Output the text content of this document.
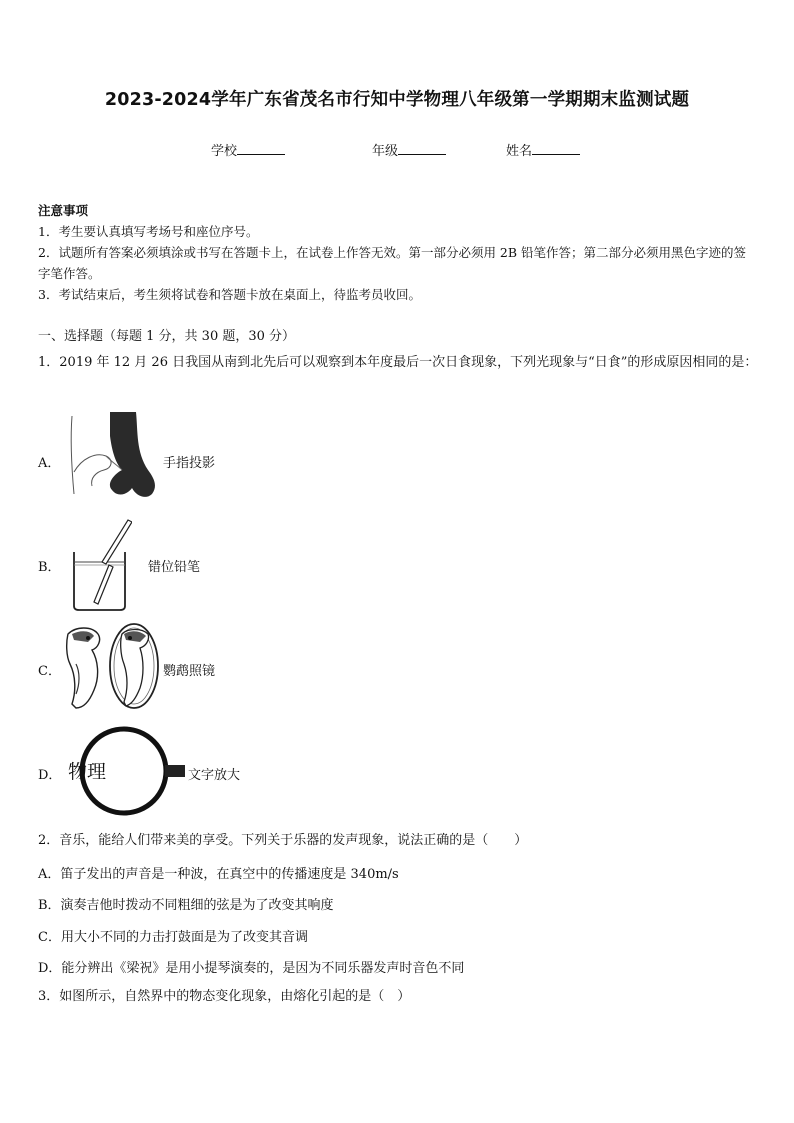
2023-2024学年广东省茂名市行知中学物理八年级第一学期期末监测试题
学校	年级	姓名
注意事项
1．考生要认真填写考场号和座位序号。
2．试题所有答案必须填涂或书写在答题卡上，在试卷上作答无效。第一部分必须用 2B 铅笔作答；第二部分必须用黑色字迹的签字笔作答。
3．考试结束后，考生须将试卷和答题卡放在桌面上，待监考员收回。
一、选择题（每题 1 分，共 30 题，30 分）
1．2019 年 12 月 26 日我国从南到北先后可以观察到本年度最后一次日食现象，下列光现象与“日食”的形成原因相同的是：
A．	手指投影
B．	错位铅笔
C．	鹦鹉照镜
D． 物理	文字放大
2．音乐，能给人们带来美的享受。下列关于乐器的发声现象，说法正确的是（　　）
A．笛子发出的声音是一种波，在真空中的传播速度是 340m/s
B．演奏吉他时拨动不同粗细的弦是为了改变其响度
C．用大小不同的力击打鼓面是为了改变其音调
D．能分辨出《梁祝》是用小提琴演奏的，是因为不同乐器发声时音色不同
3．如图所示，自然界中的物态变化现象，由熔化引起的是（　）
